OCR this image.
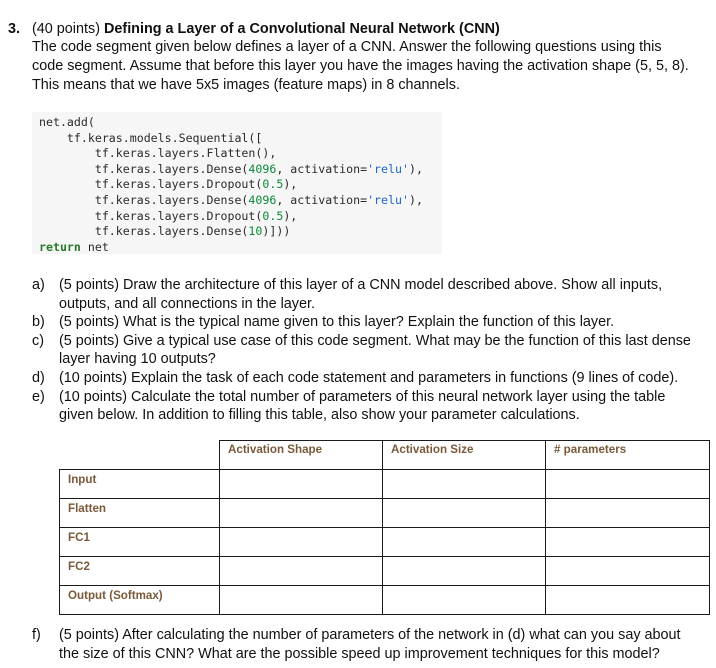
3. (40 points) Defining a Layer of a Convolutional Neural Network (CNN)
The code segment given below defines a layer of a CNN. Answer the following questions using this
code segment. Assume that before this layer you have the images having the activation shape (5, 5, 8).
This means that we have 5x5 images (feature maps) in 8 channels.
net.add(
tf.keras.models.Sequential([
tf.keras.layers.Flatten(),
tf.keras.layers.Dense(4096, activation='relu'),
tf.keras.layers.Dropout(0.5),
tf.keras.layers.Dense(4096, activation='relu'),
tf.keras.layers.Dropout(0.5),
tf.keras.layers.Dense(10)]))
return net
a) (5 points) Draw the architecture of this layer of a CNN model described above. Show all inputs,
outputs, and all connections in the layer.
b) (5 points) What is the typical name given to this layer? Explain the function of this layer.
c) (5 points) Give a typical use case of this code segment. What may be the function of this last dense
layer having 10 outputs?
d) (10 points) Explain the task of each code statement and parameters in functions (9 lines of code).
e) (10 points) Calculate the total number of parameters of this neural network layer using the table
given below. In addition to filling this table, also show your parameter calculations.
	Activation Shape	Activation Size	# parameters
Input			
Flatten			
FC1			
FC2			
Output (Softmax)			
f) (5 points) After calculating the number of parameters of the network in (d) what can you say about
the size of this CNN? What are the possible speed up improvement techniques for this model?
